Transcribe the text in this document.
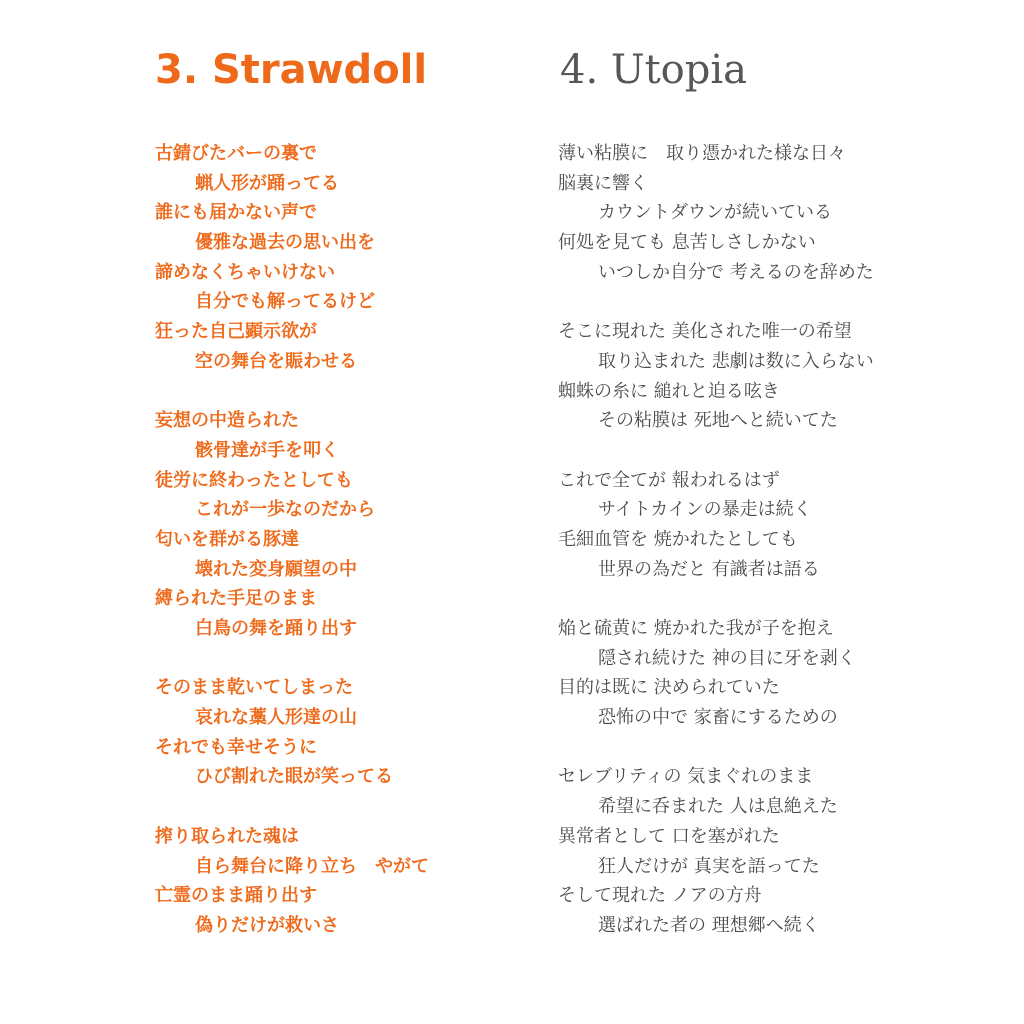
3. Strawdoll
古錆びたバーの裏で
蝋人形が踊ってる
誰にも届かない声で
優雅な過去の思い出を
諦めなくちゃいけない
自分でも解ってるけど
狂った自己顕示欲が
空の舞台を賑わせる
妄想の中造られた
骸骨達が手を叩く
徒労に終わったとしても
これが一歩なのだから
匂いを群がる豚達
壊れた変身願望の中
縛られた手足のまま
白鳥の舞を踊り出す
そのまま乾いてしまった
哀れな藁人形達の山
それでも幸せそうに
ひび割れた眼が笑ってる
搾り取られた魂は
自ら舞台に降り立ち　やがて
亡霊のまま踊り出す
偽りだけが救いさ
4. Utopia
薄い粘膜に　取り憑かれた様な日々
脳裏に響く
カウントダウンが続いている
何処を見ても 息苦しさしかない
いつしか自分で 考えるのを辞めた
そこに現れた 美化された唯一の希望
取り込まれた 悲劇は数に入らない
蜘蛛の糸に 縋れと迫る呟き
その粘膜は 死地へと続いてた
これで全てが 報われるはず
サイトカインの暴走は続く
毛細血管を 焼かれたとしても
世界の為だと 有識者は語る
焔と硫黄に 焼かれた我が子を抱え
隠され続けた 神の目に牙を剥く
目的は既に 決められていた
恐怖の中で 家畜にするための
セレブリティの 気まぐれのまま
希望に呑まれた 人は息絶えた
異常者として 口を塞がれた
狂人だけが 真実を語ってた
そして現れた ノアの方舟
選ばれた者の 理想郷へ続く
